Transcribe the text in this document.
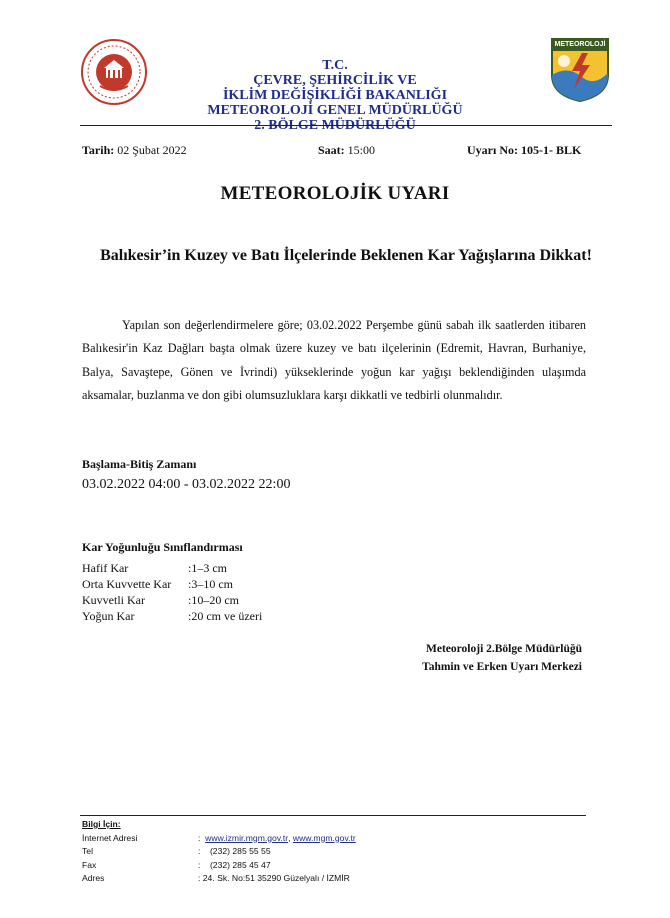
T.C.
ÇEVRE, ŞEHİRCİLİK VE
İKLİM DEĞİŞİKLİĞİ BAKANLIĞI
METEOROLOJİ GENEL MÜDÜRLÜĞÜ
2. BÖLGE MÜDÜRLÜĞÜ
METEOROLOJİ
Tarih: 02 Şubat 2022	Saat: 15:00	Uyarı No: 105-1- BLK
METEOROLOJİK UYARI
Balıkesir’in Kuzey ve Batı İlçelerinde Beklenen Kar Yağışlarına Dikkat!
Yapılan son değerlendirmelere göre; 03.02.2022 Perşembe günü sabah ilk saatlerden itibaren Balıkesir'in Kaz Dağları başta olmak üzere kuzey ve batı ilçelerinin (Edremit, Havran, Burhaniye, Balya, Savaştepe, Gönen ve İvrindi) yükseklerinde yoğun kar yağışı beklendiğinden ulaşımda aksamalar, buzlanma ve don gibi olumsuzluklara karşı dikkatli ve tedbirli olunmalıdır.
Başlama-Bitiş Zamanı
03.02.2022 04:00 - 03.02.2022 22:00
Kar Yoğunluğu Sınıflandırması
Hafif Kar	:1–3 cm
Orta Kuvvette Kar	:3–10 cm
Kuvvetli Kar	:10–20 cm
Yoğun Kar	:20 cm ve üzeri
Meteoroloji 2.Bölge Müdürlüğü
Tahmin ve Erken Uyarı Merkezi
Bilgi İçin:
İnternet Adresi	:
www.izmir.mgm.gov.tr ,
www.mgm.gov.tr
Tel	:    (232) 285 55 55
Fax	:    (232) 285 45 47
Adres	: 24. Sk. No:51 35290 Güzelyalı / İZMİR
